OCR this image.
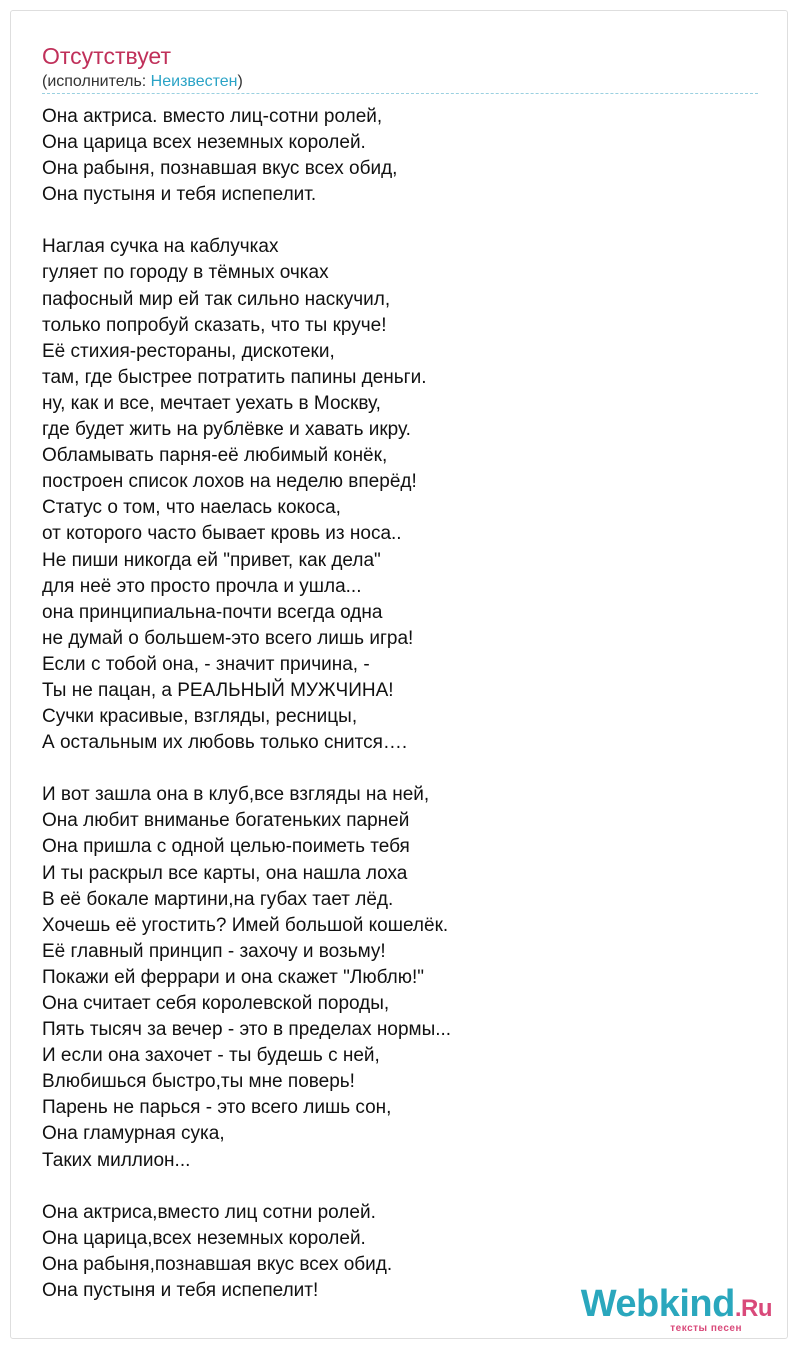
Отсутствует
(исполнитель: Неизвестен)
Она актриса. вместо лиц-сотни ролей,
Она царица всех неземных королей.
Она рабыня, познавшая вкус всех обид,
Она пустыня и тебя испепелит.
Наглая сучка на каблучках
гуляет по городу в тёмных очках
пафосный мир ей так сильно наскучил,
только попробуй сказать, что ты круче!
Её стихия-рестораны, дискотеки,
там, где быстрее потратить папины деньги.
ну, как и все, мечтает уехать в Москву,
где будет жить на рублёвке и хавать икру.
Обламывать парня-её любимый конёк,
построен список лохов на неделю вперёд!
Статус о том, что наелась кокоса,
от которого часто бывает кровь из носа..
Не пиши никогда ей "привет, как дела"
для неё это просто прочла и ушла...
она принципиальна-почти всегда одна
не думай о большем-это всего лишь игра!
Если с тобой она, - значит причина, -
Ты не пацан, а РЕАЛЬНЫЙ МУЖЧИНА!
Сучки красивые, взгляды, ресницы,
А остальным их любовь только снится….
И вот зашла она в клуб,все взгляды на ней,
Она любит вниманье богатеньких парней
Она пришла с одной целью-поиметь тебя
И ты раскрыл все карты, она нашла лоха
В её бокале мартини,на губах тает лёд.
Хочешь её угостить? Имей большой кошелёк.
Её главный принцип - захочу и возьму!
Покажи ей феррари и она скажет "Люблю!"
Она считает себя королевской породы,
Пять тысяч за вечер - это в пределах нормы...
И если она захочет - ты будешь с ней,
Влюбишься быстро,ты мне поверь!
Парень не парься - это всего лишь сон,
Она гламурная сука,
Таких миллион...
Она актриса,вместо лиц сотни ролей.
Она царица,всех неземных королей.
Она рабыня,познавшая вкус всех обид.
Она пустыня и тебя испепелит!	Webkind.Ru
тексты песен
